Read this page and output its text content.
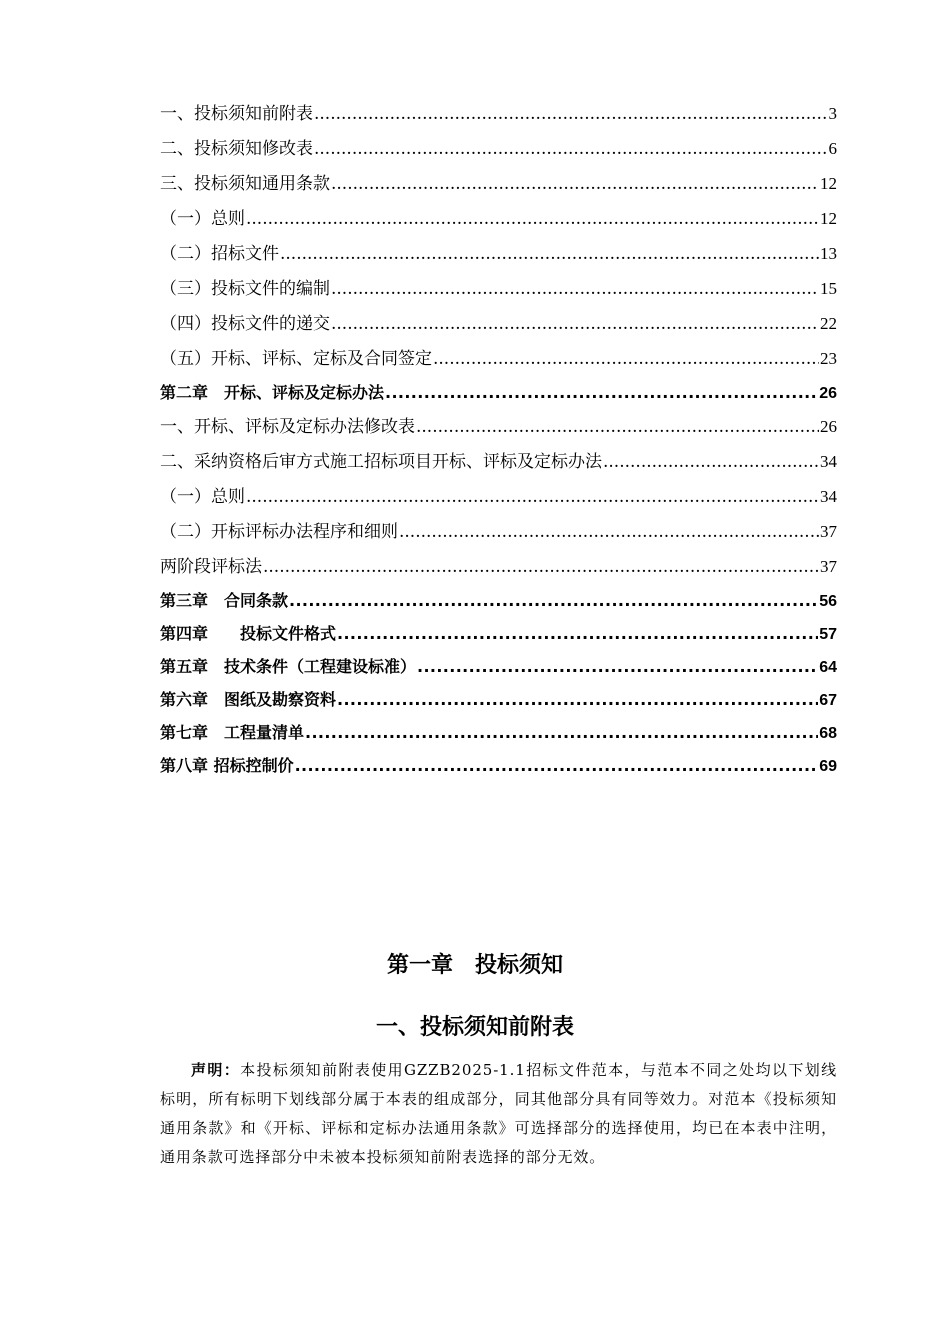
一、投标须知前附表 .....	3
二、投标须知修改表 .....	6
三、投标须知通用条款 .....	12
（一）总则 .....	12
（二）招标文件 .....	13
（三）投标文件的编制 .....	15
（四）投标文件的递交 .....	22
（五）开标、评标、定标及合同签定 .....	23
第二章　开标、评标及定标办法 . .	26
一、开标、评标及定标办法修改表 .....	26
二、采纳资格后审方式施工招标项目开标、评标及定标办法 .....	34
（一）总则 .....	34
（二）开标评标办法程序和细则 .....	37
两阶段评标法 .....	37
第三章　合同条款 . .	56
第四章　　投标文件格式 . .	57
第五章　技术条件（工程建设标准） . .	64
第六章　图纸及勘察资料 . .	67
第七章　工程量清单 . .	68
第八章 招标控制价 . .	69
第一章　投标须知
一、投标须知前附表
声明：本投标须知前附表使用GZZB2025-1.1招标文件范本，与范本不同之处均以下划线标明，所有标明下划线部分属于本表的组成部分，同其他部分具有同等效力。对范本《投标须知通用条款》和《开标、评标和定标办法通用条款》可选择部分的选择使用，均已在本表中注明，通用条款可选择部分中未被本投标须知前附表选择的部分无效。
